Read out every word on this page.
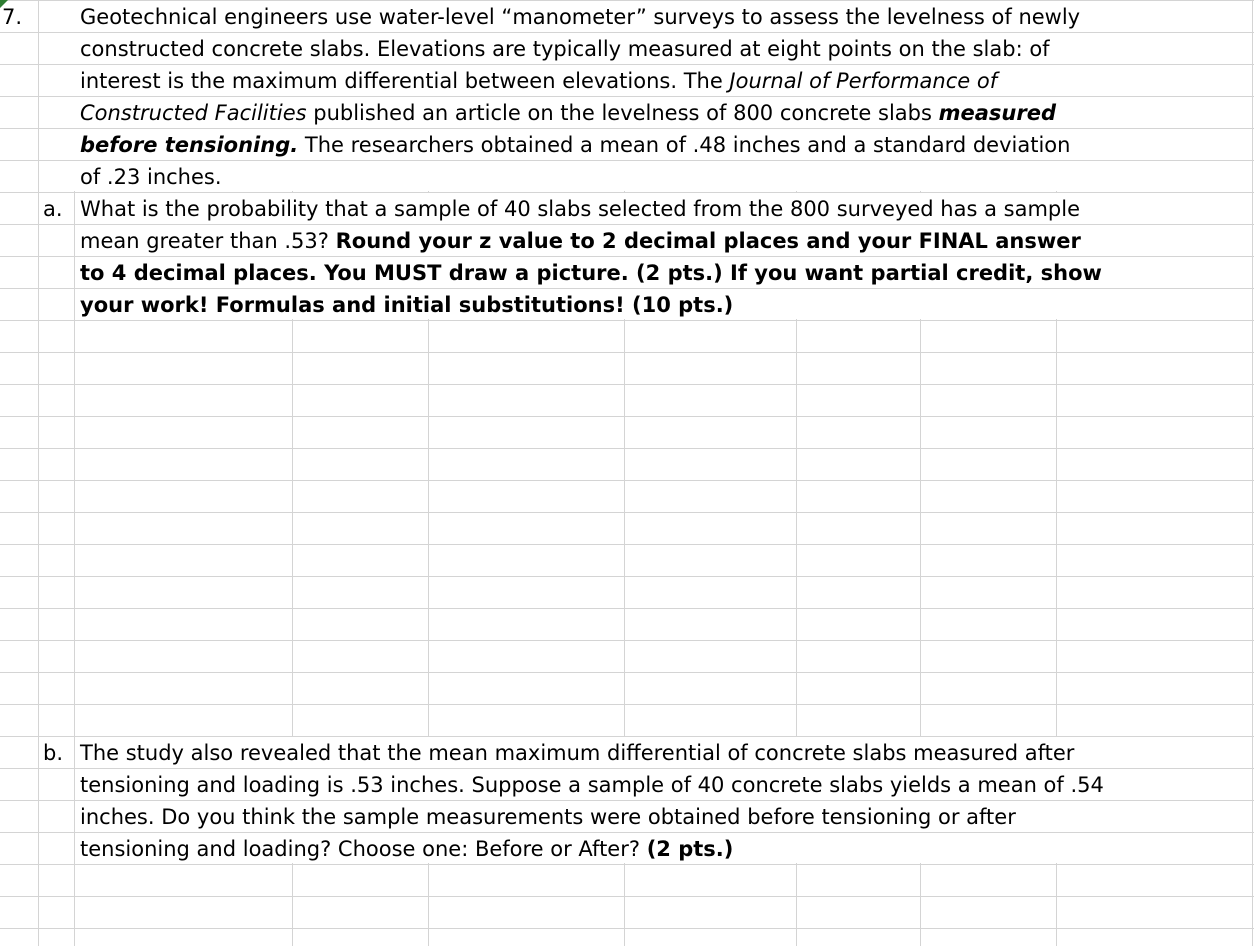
7.	Geotechnical engineers use water-level “manometer” surveys to assess the levelness of newly
constructed concrete slabs. Elevations are typically measured at eight points on the slab: of
interest is the maximum differential between elevations. The Journal of Performance of
Constructed Facilities published an article on the levelness of 800 concrete slabs measured
before tensioning. The researchers obtained a mean of .48 inches and a standard deviation
of .23 inches.
a. What is the probability that a sample of 40 slabs selected from the 800 surveyed has a sample
mean greater than .53? Round your z value to 2 decimal places and your FINAL answer
to 4 decimal places. You MUST draw a picture. (2 pts.) If you want partial credit, show
your work! Formulas and initial substitutions! (10 pts.)
b. The study also revealed that the mean maximum differential of concrete slabs measured after
tensioning and loading is .53 inches. Suppose a sample of 40 concrete slabs yields a mean of .54
inches. Do you think the sample measurements were obtained before tensioning or after
tensioning and loading? Choose one: Before or After? (2 pts.)
